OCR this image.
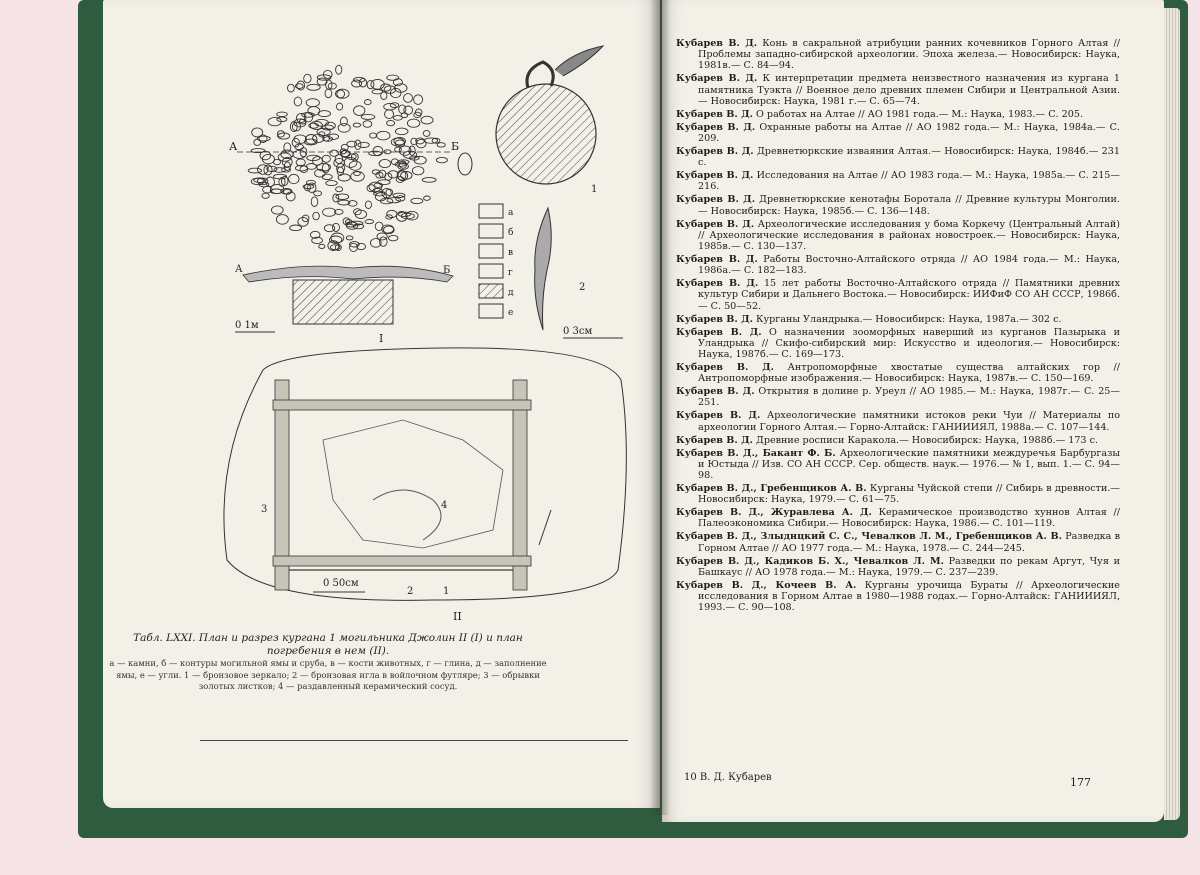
А	Б
А	Б
0 1м
I
1
2
0 3см
а
б
в
г
д
е
3	4
2	1
0 50см
II
Табл. LXXI. План и разрез кургана 1 могильника Джолин II (I) и план погребения в нем (II).
а — камни, б — контуры могильной ямы и сруба, в — кости животных, г — глина, д — заполнение ямы, е — угли. 1 — бронзовое зеркало; 2 — бронзовая игла в войлочном футляре; 3 — обрывки золотых листков; 4 — раздавленный керамический сосуд.
Кубарев В. Д. Конь в сакральной атрибуции ранних кочевников Горного Алтая // Проблемы западно-сибирской археологии. Эпоха железа.— Новосибирск: Наука, 1981в.— С. 84—94.
Кубарев В. Д. К интерпретации предмета неизвестного назначения из кургана 1 памятника Туэкта // Военное дело древних племен Сибири и Центральной Азии.— Новосибирск: Наука, 1981 г.— С. 65—74.
Кубарев В. Д. О работах на Алтае // АО 1981 года.— М.: Наука, 1983.— С. 205.
Кубарев В. Д. Охранные работы на Алтае // АО 1982 года.— М.: Наука, 1984а.— С. 209.
Кубарев В. Д. Древнетюркские изваяния Алтая.— Новосибирск: Наука, 1984б.— 231 с.
Кубарев В. Д. Исследования на Алтае // АО 1983 года.— М.: Наука, 1985а.— С. 215—216.
Кубарев В. Д. Древнетюркские кенотафы Боротала // Древние культуры Монголии.— Новосибирск: Наука, 1985б.— С. 136—148.
Кубарев В. Д. Археологические исследования у бома Коркечу (Центральный Алтай) // Археологические исследования в районах новостроек.— Новосибирск: Наука, 1985в.— С. 130—137.
Кубарев В. Д. Работы Восточно-Алтайского отряда // АО 1984 года.— М.: Наука, 1986а.— С. 182—183.
Кубарев В. Д. 15 лет работы Восточно-Алтайского отряда // Памятники древних культур Сибири и Дальнего Востока.— Новосибирск: ИИФиФ СО АН СССР, 1986б.— С. 50—52.
Кубарев В. Д. Курганы Уландрыка.— Новосибирск: Наука, 1987а.— 302 с.
Кубарев В. Д. О назначении зооморфных наверший из курганов Пазырыка и Уландрыка // Скифо-сибирский мир: Искусство и идеология.— Новосибирск: Наука, 1987б.— С. 169—173.
Кубарев В. Д. Антропоморфные хвостатые существа алтайских гор // Антропоморфные изображения.— Новосибирск: Наука, 1987в.— С. 150—169.
Кубарев В. Д. Открытия в долине р. Уреул // АО 1985.— М.: Наука, 1987г.— С. 25—251.
Кубарев В. Д. Археологические памятники истоков реки Чуи // Материалы по археологии Горного Алтая.— Горно-Алтайск: ГАНИИИЯЛ, 1988а.— С. 107—144.
Кубарев В. Д. Древние росписи Каракола.— Новосибирск: Наука, 1988б.— 173 с.
Кубарев В. Д., Бакант Ф. Б. Археологические памятники междуречья Барбургазы и Юстыда // Изв. СО АН СССР. Сер. обществ. наук.— 1976.— № 1, вып. 1.— С. 94—98.
Кубарев В. Д., Гребенщиков А. В. Курганы Чуйской степи // Сибирь в древности.— Новосибирск: Наука, 1979.— С. 61—75.
Кубарев В. Д., Журавлева А. Д. Керамическое производство хуннов Алтая // Палеоэкономика Сибири.— Новосибирск: Наука, 1986.— С. 101—119.
Кубарев В. Д., Злыднцкий С. С., Чевалков Л. М., Гребенщиков А. В. Разведка в Горном Алтае // АО 1977 года.— М.: Наука, 1978.— С. 244—245.
Кубарев В. Д., Кадиков Б. Х., Чевалков Л. М. Разведки по рекам Аргут, Чуя и Башкаус // АО 1978 года.— М.: Наука, 1979.— С. 237—239.
Кубарев В. Д., Кочеев В. А. Курганы урочища Бураты // Археологические исследования в Горном Алтае в 1980—1988 годах.— Горно-Алтайск: ГАНИИИЯЛ, 1993.— С. 90—108.
10 В. Д. Кубарев	177
